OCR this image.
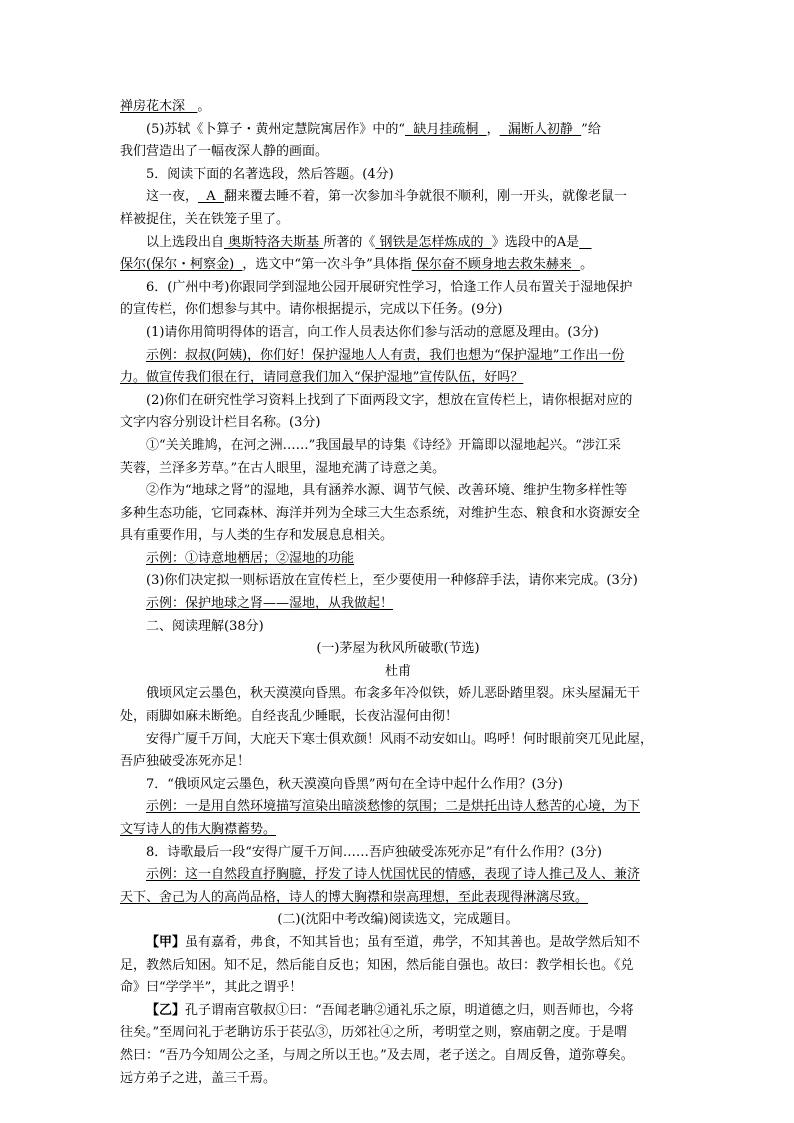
禅房花木深 。
(5)苏轼《卜算子・黄州定慧院寓居作》中的“ 缺月挂疏桐 ， 漏断人初静 ”给
我们营造出了一幅夜深人静的画面。
5．阅读下面的名著选段，然后答题。(4分)
这一夜， A 翻来覆去睡不着，第一次参加斗争就很不顺利，刚一开头，就像老鼠一
样被捉住，关在铁笼子里了。
以上选段出自 奥斯特洛夫斯基 所著的《 钢铁是怎样炼成的 》选段中的A是
保尔(保尔・柯察金) ，选文中“第一次斗争”具体指 保尔奋不顾身地去救朱赫来 。
6．(广州中考)你跟同学到湿地公园开展研究性学习，恰逢工作人员布置关于湿地保护
的宣传栏，你们想参与其中。请你根据提示，完成以下任务。(9分)
(1)请你用简明得体的语言，向工作人员表达你们参与活动的意愿及理由。(3分)
示例：叔叔(阿姨)，你们好！保护湿地人人有责，我们也想为“保护湿地”工作出一份
力。做宣传我们很在行，请同意我们加入“保护湿地”宣传队伍，好吗？
(2)你们在研究性学习资料上找到了下面两段文字，想放在宣传栏上，请你根据对应的
文字内容分别设计栏目名称。(3分)
①“关关雎鸠，在河之洲……”我国最早的诗集《诗经》开篇即以湿地起兴。“涉江采
芙蓉，兰泽多芳草。”在古人眼里，湿地充满了诗意之美。
②作为“地球之肾”的湿地，具有涵养水源、调节气候、改善环境、维护生物多样性等
多种生态功能，它同森林、海洋并列为全球三大生态系统，对维护生态、粮食和水资源安全
具有重要作用，与人类的生存和发展息息相关。
示例：①诗意地栖居；②湿地的功能
(3)你们决定拟一则标语放在宣传栏上，至少要使用一种修辞手法，请你来完成。(3分)
示例：保护地球之肾——湿地，从我做起！
二、阅读理解(38分)
(一)茅屋为秋风所破歌(节选)
杜甫
俄顷风定云墨色，秋天漠漠向昏黑。布衾多年冷似铁，娇儿恶卧踏里裂。床头屋漏无干
处，雨脚如麻未断绝。自经丧乱少睡眠，长夜沾湿何由彻！
安得广厦千万间，大庇天下寒士俱欢颜！风雨不动安如山。呜呼！何时眼前突兀见此屋，
吾庐独破受冻死亦足！
7．“俄顷风定云墨色，秋天漠漠向昏黑”两句在全诗中起什么作用？(3分)
示例：一是用自然环境描写渲染出暗淡愁惨的氛围；二是烘托出诗人愁苦的心境，为下
文写诗人的伟大胸襟蓄势。
8．诗歌最后一段“安得广厦千万间……吾庐独破受冻死亦足”有什么作用？(3分)
示例：这一自然段直抒胸臆，抒发了诗人忧国忧民的情感，表现了诗人推己及人、兼济
天下、舍己为人的高尚品格，诗人的博大胸襟和崇高理想，至此表现得淋漓尽致。
(二)(沈阳中考改编)阅读选文，完成题目。
【甲】虽有嘉肴，弗食，不知其旨也；虽有至道，弗学，不知其善也。是故学然后知不
足，教然后知困。知不足，然后能自反也；知困，然后能自强也。故曰：教学相长也。《兑
命》曰“学学半”，其此之谓乎！
【乙】孔子谓南宫敬叔①曰：“吾闻老聃②通礼乐之原，明道德之归，则吾师也，今将
往矣。”至周问礼于老聃访乐于苌弘③，历郊社④之所，考明堂之则，察庙朝之度。于是喟
然曰：“吾乃今知周公之圣，与周之所以王也。”及去周，老子送之。自周反鲁，道弥尊矣。
远方弟子之进，盖三千焉。
